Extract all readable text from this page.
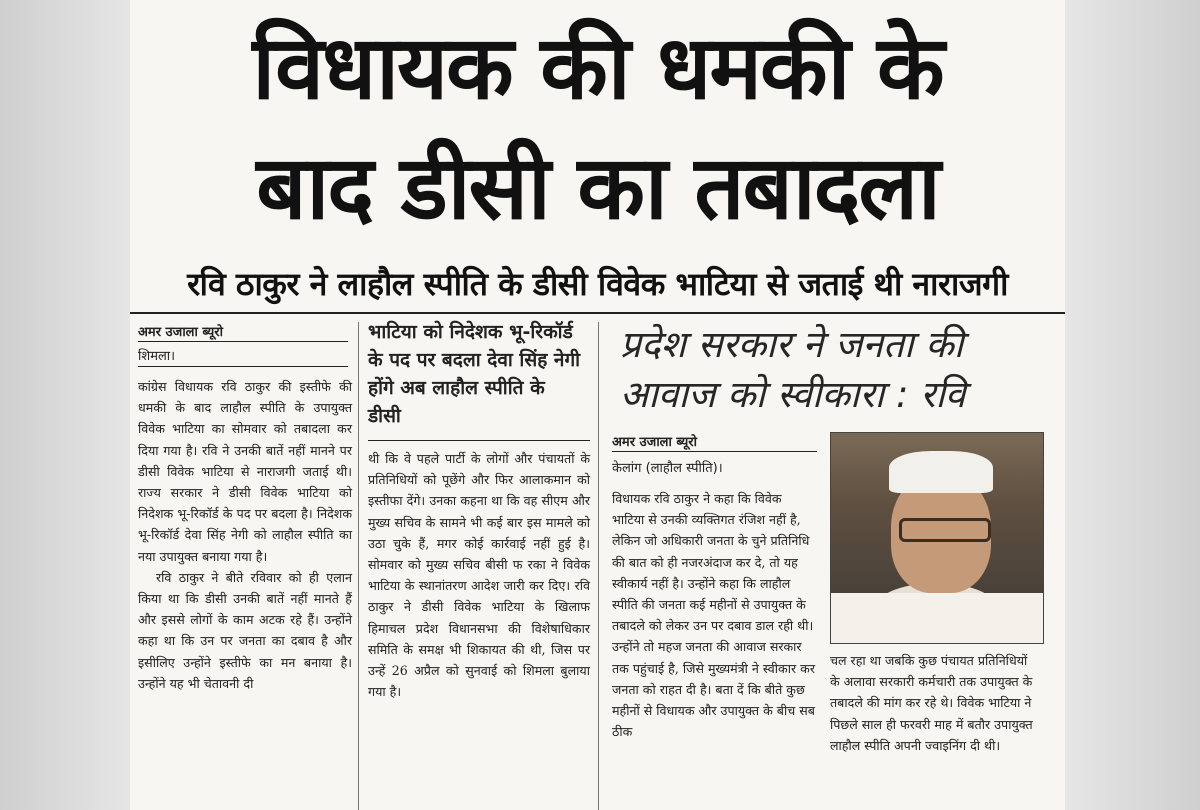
विधायक की धमकी के
बाद डीसी का तबादला
रवि ठाकुर ने लाहौल स्पीति के डीसी विवेक भाटिया से जताई थी नाराजगी
अमर उजाला ब्यूरो
शिमला।

कांग्रेस विधायक रवि ठाकुर की इस्तीफे की धमकी के बाद लाहौल स्पीति के उपायुक्त विवेक भाटिया का सोमवार को तबादला कर दिया गया है। रवि ने उनकी बातें नहीं मानने पर डीसी विवेक भाटिया से नाराजगी जताई थी। राज्य सरकार ने डीसी विवेक भाटिया को निदेशक भू-रिकॉर्ड के पद पर बदला है। निदेशक भू-रिकॉर्ड देवा सिंह नेगी को लाहौल स्पीति का नया उपायुक्त बनाया गया है।

रवि ठाकुर ने बीते रविवार को ही एलान किया था कि डीसी उनकी बातें नहीं मानते हैं और इससे लोगों के काम अटक रहे हैं। उन्होंने कहा था कि उन पर जनता का दबाव है और इसीलिए उन्होंने इस्तीफे का मन बनाया है। उन्होंने यह भी चेतावनी दी

भाटिया को निदेशक भू-रिकॉर्ड के पद पर बदला देवा सिंह नेगी होंगे अब लाहौल स्पीति के डीसी

थी कि वे पहले पार्टी के लोगों और पंचायतों के प्रतिनिधियों को पूछेंगे और फिर आलाकमान को इस्तीफा देंगे। उनका कहना था कि वह सीएम और मुख्य सचिव के सामने भी कई बार इस मामले को उठा चुके हैं, मगर कोई कार्रवाई नहीं हुई है। सोमवार को मुख्य सचिव बीसी फ रका ने विवेक भाटिया के स्थानांतरण आदेश जारी कर दिए। रवि ठाकुर ने डीसी विवेक भाटिया के खिलाफ हिमाचल प्रदेश विधानसभा की विशेषाधिकार समिति के समक्ष भी शिकायत की थी, जिस पर उन्हें 26 अप्रैल को सुनवाई को शिमला बुलाया गया है।

प्रदेश सरकार ने जनता की आवाज को स्वीकारा : रवि
अमर उजाला ब्यूरो
केलांग (लाहौल स्पीति)।

विधायक रवि ठाकुर ने कहा कि विवेक भाटिया से उनकी व्यक्तिगत रंजिश नहीं है, लेकिन जो अधिकारी जनता के चुने प्रतिनिधि की बात को ही नजरअंदाज कर दे, तो यह स्वीकार्य नहीं है। उन्होंने कहा कि लाहौल स्पीति की जनता कई महीनों से उपायुक्त के तबादले को लेकर उन पर दबाव डाल रही थी। उन्होंने तो महज जनता की आवाज सरकार तक पहुंचाई है, जिसे मुख्यमंत्री ने स्वीकार कर जनता को राहत दी है। बता दें कि बीते कुछ महीनों से विधायक और उपायुक्त के बीच सब ठीक

चल रहा था जबकि कुछ पंचायत प्रतिनिधियों के अलावा सरकारी कर्मचारी तक उपायुक्त के तबादले की मांग कर रहे थे। विवेक भाटिया ने पिछले साल ही फरवरी माह में बतौर उपायुक्त लाहौल स्पीति अपनी ज्वाइनिंग दी थी।
